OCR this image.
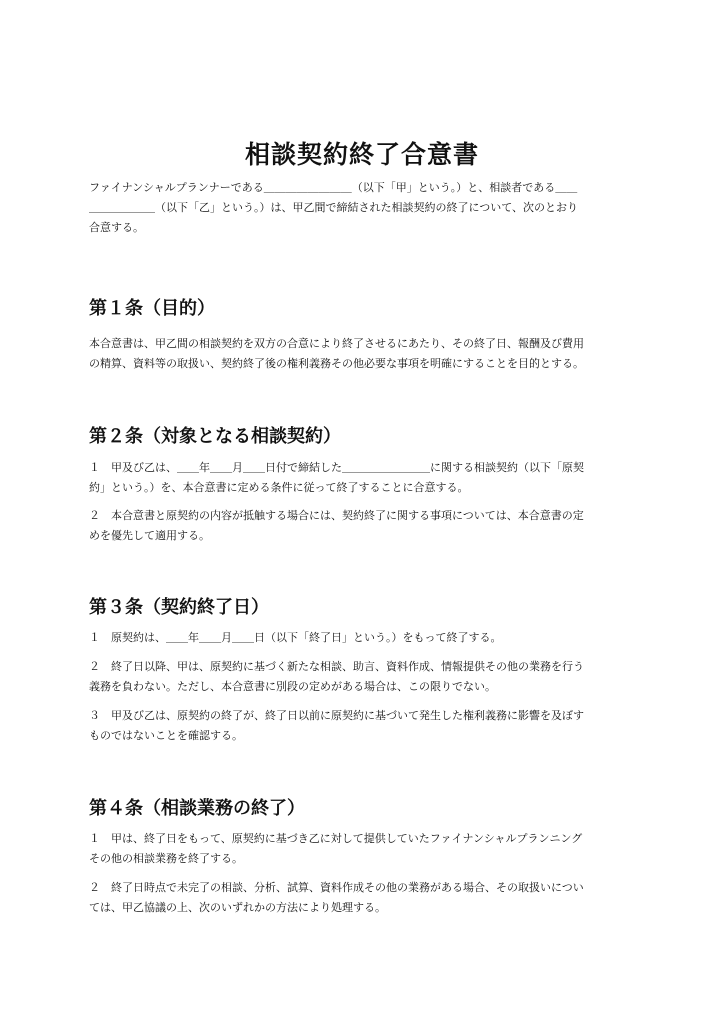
相談契約終了合意書

ファイナンシャルプランナーである＿＿＿＿＿＿＿＿（以下「甲」という。）と、相談者である＿＿
＿＿＿＿＿＿（以下「乙」という。）は、甲乙間で締結された相談契約の終了について、次のとおり
合意する。

第１条（目的）

本合意書は、甲乙間の相談契約を双方の合意により終了させるにあたり、その終了日、報酬及び費用
の精算、資料等の取扱い、契約終了後の権利義務その他必要な事項を明確にすることを目的とする。

第２条（対象となる相談契約）

１　甲及び乙は、＿＿年＿＿月＿＿日付で締結した＿＿＿＿＿＿＿＿に関する相談契約（以下「原契
約」という。）を、本合意書に定める条件に従って終了することに合意する。

２　本合意書と原契約の内容が抵触する場合には、契約終了に関する事項については、本合意書の定
めを優先して適用する。

第３条（契約終了日）

１　原契約は、＿＿年＿＿月＿＿日（以下「終了日」という。）をもって終了する。

２　終了日以降、甲は、原契約に基づく新たな相談、助言、資料作成、情報提供その他の業務を行う
義務を負わない。ただし、本合意書に別段の定めがある場合は、この限りでない。

３　甲及び乙は、原契約の終了が、終了日以前に原契約に基づいて発生した権利義務に影響を及ぼす
ものではないことを確認する。

第４条（相談業務の終了）

１　甲は、終了日をもって、原契約に基づき乙に対して提供していたファイナンシャルプランニング
その他の相談業務を終了する。

２　終了日時点で未完了の相談、分析、試算、資料作成その他の業務がある場合、その取扱いについ
ては、甲乙協議の上、次のいずれかの方法により処理する。
